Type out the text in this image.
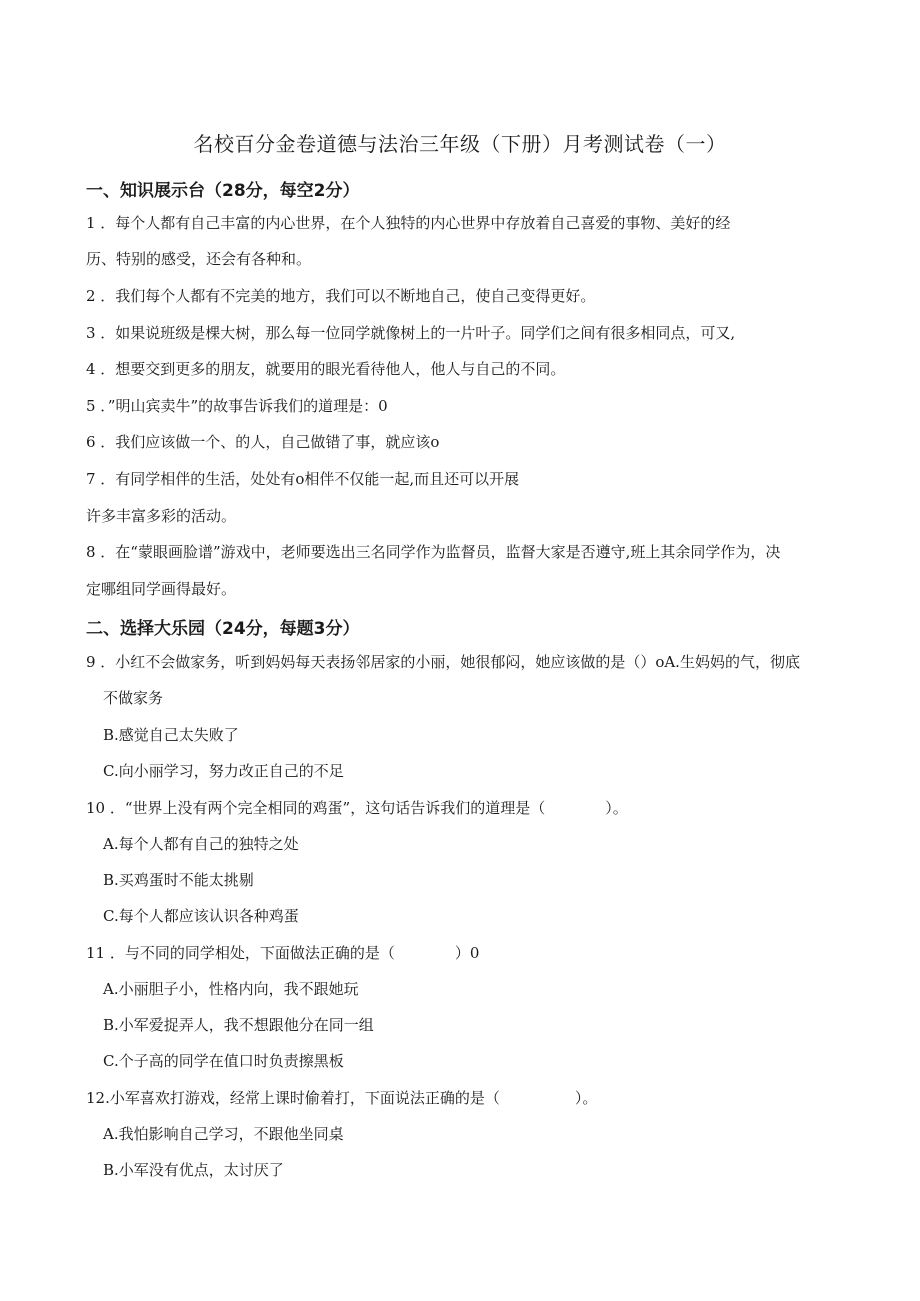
名校百分金卷道德与法治三年级（下册）月考测试卷（一）
一、知识展示台（28分，每空2分）
1 ．每个人都有自己丰富的内心世界，在个人独特的内心世界中存放着自己喜爱的事物、美好的经
历、特别的感受，还会有各种和。
2 ．我们每个人都有不完美的地方，我们可以不断地自己，使自己变得更好。
3 ．如果说班级是棵大树，那么每一位同学就像树上的一片叶子。同学们之间有很多相同点，可又,
4 ．想要交到更多的朋友，就要用的眼光看待他人，他人与自己的不同。
5 ．”明山宾卖牛”的故事告诉我们的道理是：0
6 ．我们应该做一个、的人，自己做错了事，就应该o
7 ．有同学相伴的生活，处处有o相伴不仅能一起,而且还可以开展
许多丰富多彩的活动。
8 ．在“蒙眼画脸谱”游戏中，老师要选出三名同学作为监督员，监督大家是否遵守,班上其余同学作为，决
定哪组同学画得最好。
二、选择大乐园（24分，每题3分）
9 ．小红不会做家务，听到妈妈每天表扬邻居家的小丽，她很郁闷，她应该做的是（）oA.生妈妈的气，彻底
不做家务
B.感觉自己太失败了
C.向小丽学习，努力改正自己的不足
10 ．“世界上没有两个完全相同的鸡蛋”，这句话告诉我们的道理是（　　　　）。
A.每个人都有自己的独特之处
B.买鸡蛋时不能太挑剔
C.每个人都应该认识各种鸡蛋
11 ．与不同的同学相处，下面做法正确的是（　　　　）0
A.小丽胆子小，性格内向，我不跟她玩
B.小军爱捉弄人，我不想跟他分在同一组
C.个子高的同学在值口时负责擦黑板
12.小军喜欢打游戏，经常上课时偷着打，下面说法正确的是（　　　　　）。
A.我怕影响自己学习，不跟他坐同桌
B.小军没有优点，太讨厌了
